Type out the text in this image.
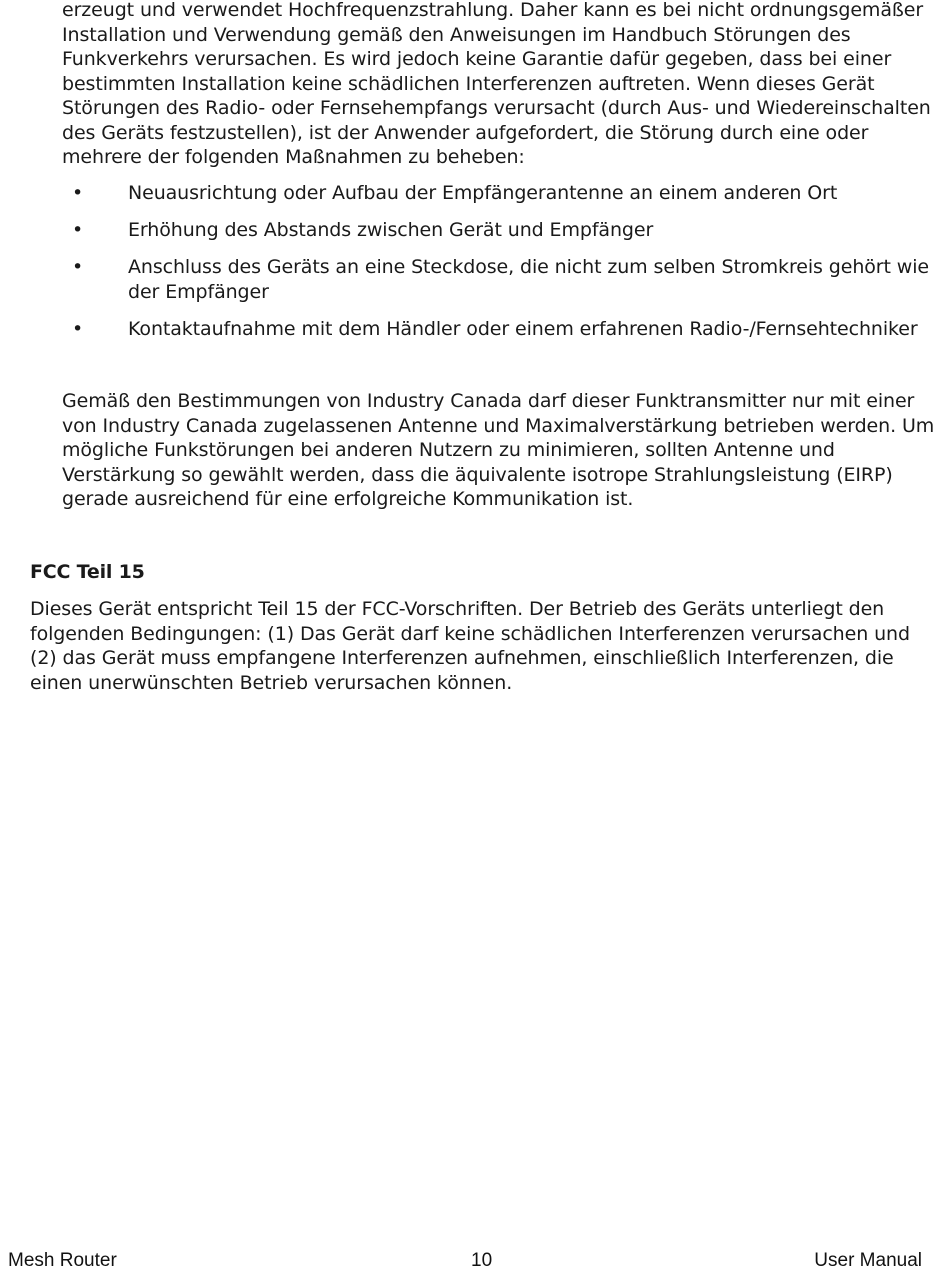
erzeugt und verwendet Hochfrequenzstrahlung. Daher kann es bei nicht ordnungsgemäßer Installation und Verwendung gemäß den Anweisungen im Handbuch Störungen des Funkverkehrs verursachen. Es wird jedoch keine Garantie dafür gegeben, dass bei einer bestimmten Installation keine schädlichen Interferenzen auftreten. Wenn dieses Gerät Störungen des Radio- oder Fernsehempfangs verursacht (durch Aus- und Wiedereinschalten des Geräts festzustellen), ist der Anwender aufgefordert, die Störung durch eine oder mehrere der folgenden Maßnahmen zu beheben:

• Neuausrichtung oder Aufbau der Empfängerantenne an einem anderen Ort
• Erhöhung des Abstands zwischen Gerät und Empfänger
• Anschluss des Geräts an eine Steckdose, die nicht zum selben Stromkreis gehört wie der Empfänger
• Kontaktaufnahme mit dem Händler oder einem erfahrenen Radio-/Fernsehtechniker

Gemäß den Bestimmungen von Industry Canada darf dieser Funktransmitter nur mit einer von Industry Canada zugelassenen Antenne und Maximalverstärkung betrieben werden. Um mögliche Funkstörungen bei anderen Nutzern zu minimieren, sollten Antenne und Verstärkung so gewählt werden, dass die äquivalente isotrope Strahlungsleistung (EIRP) gerade ausreichend für eine erfolgreiche Kommunikation ist.

FCC Teil 15

Dieses Gerät entspricht Teil 15 der FCC-Vorschriften. Der Betrieb des Geräts unterliegt den folgenden Bedingungen: (1) Das Gerät darf keine schädlichen Interferenzen verursachen und (2) das Gerät muss empfangene Interferenzen aufnehmen, einschließlich Interferenzen, die einen unerwünschten Betrieb verursachen können.

Mesh Router	10	User Manual
